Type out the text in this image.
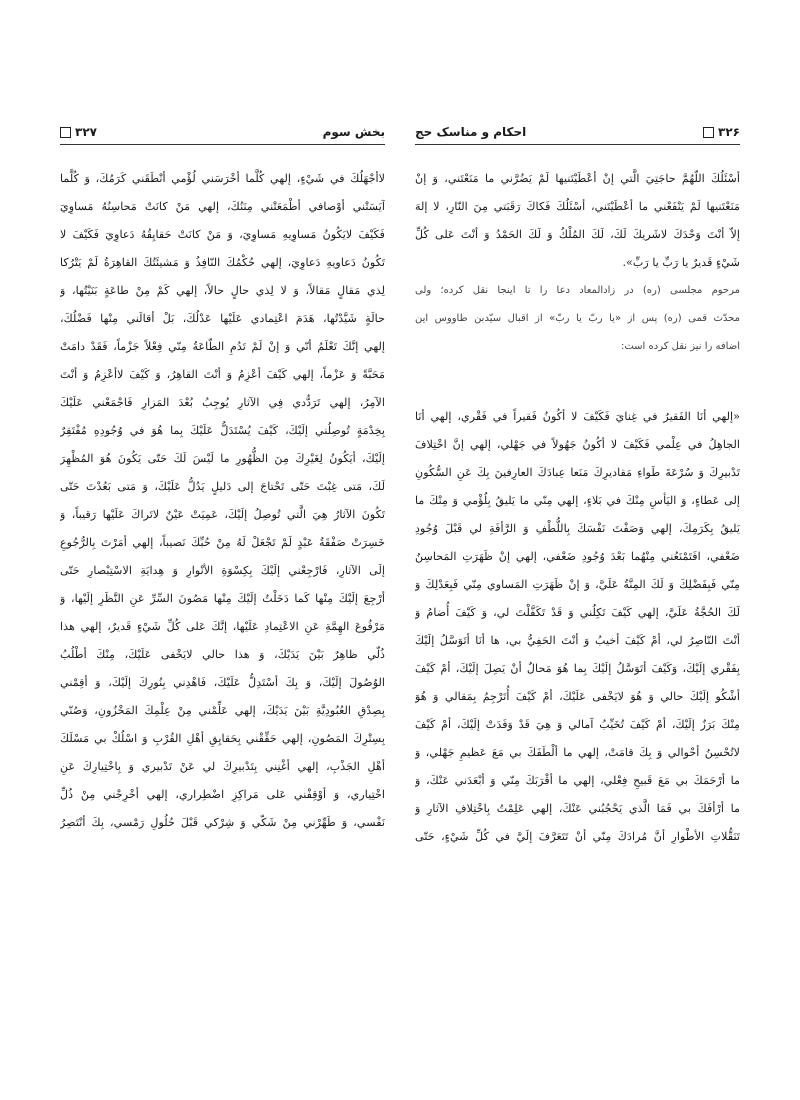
۳۲۷	بخش سوم
لاأجْهَلُكَ في شَيْءٍ، إلهي كُلَّما أخْرَسَني لُؤْمي أنْطَقَني كَرَمُكَ، وَ كُلَّما
آيَسَتْني أوْصافي أطْمَعَتْني مِنَنُكَ، إلهي مَنْ كانَتْ مَحاسِنُهُ مَساوِيَ
فَكَيْفَ لايَكُونُ مَساوِيهِ مَساوِيَ، وَ مَنْ كانَتْ حَقايِقُهُ دَعاوِيَ فَكَيْفَ لا
تَكُونُ دَعاويهِ دَعاوِيَ، إلهي حُكْمُكَ النّافِذُ وَ مَشيئَتُكَ القاهِرَةُ لَمْ يَتْرُكا
لِذي مَقالٍ مَقالاً، وَ لا لِذي حالٍ حالاً، إلهي كَمْ مِنْ طاعَةٍ بَنَيْتُها، وَ
حالَةٍ شَيَّدْتُها، هَدَمَ اعْتِمادي عَلَيْها عَدْلُكَ، بَلْ أقالَني مِنْها فَضْلُكَ،
إلهي إنَّكَ تَعْلَمُ أنّي وَ إنْ لَمْ تَدُمِ الطّاعَةُ مِنّي فِعْلاً جَزْماً، فَقَدْ دامَتْ
مَحَبَّةً وَ عَزْماً، إلهي كَيْفَ أعْزِمُ وَ أنْتَ القاهِرُ، وَ كَيْفَ لاأعْزِمُ وَ أنْتَ
الآمِرُ، إلهي تَرَدُّدي فِي الآثارِ يُوجِبُ بُعْدَ المَزارِ فَاجْمَعْني عَلَيْكَ
بِخِدْمَةٍ تُوصِلُني إلَيْكَ، كَيْفَ يُسْتَدَلُّ عَلَيْكَ بِما هُوَ في وُجُودِهِ مُفْتَقِرٌ
إلَيْكَ، أيَكُونُ لِغَيْرِكَ مِنَ الظُّهُورِ ما لَيْسَ لَكَ حَتّى يَكُونَ هُوَ المُظْهِرَ
لَكَ، مَتى غِبْتَ حَتّى تَحْتاجَ إلى دَليلٍ يَدُلُّ عَلَيْكَ، وَ مَتى بَعُدْتَ حَتّى
تَكُونَ الآثارُ هِيَ الَّتي تُوصِلُ إلَيْكَ، عَمِيَتْ عَيْنٌ لاتَراكَ عَلَيْها رَقيباً، وَ
خَسِرَتْ صَفْقَةُ عَبْدٍ لَمْ تَجْعَلْ لَهُ مِنْ حُبِّكَ نَصيباً، إلهي أمَرْتَ بِالرُّجُوعِ
إلَى الآثارِ، فَارْجِعْني إلَيْكَ بِكِسْوَةِ الأنْوارِ وَ هِدايَةِ الاسْتِبْصارِ حَتّى
أرْجِعَ إلَيْكَ مِنْها كَما دَخَلْتُ إلَيْكَ مِنْها مَصُونَ السِّرِّ عَنِ النَّظَرِ إلَيْها، وَ
مَرْفُوعَ الهِمَّةِ عَنِ الاعْتِمادِ عَلَيْها، إنَّكَ عَلى كُلِّ شَيْءٍ قَديرٌ، إلهي هذا
ذُلّي ظاهِرٌ بَيْنَ يَدَيْكَ، وَ هذا حالي لايَخْفى عَلَيْكَ، مِنْكَ أطْلُبُ
الوُصُولَ إلَيْكَ، وَ بِكَ أسْتَدِلُّ عَلَيْكَ، فَاهْدِني بِنُورِكَ إلَيْكَ، وَ أقِمْني
بِصِدْقِ العُبُودِيَّةِ بَيْنَ يَدَيْكَ، إلهي عَلِّمْني مِنْ عِلْمِكَ المَخْزُونِ، وَصُنّي
بِسِتْرِكَ المَصُونِ، إلهي حَقِّقْني بِحَقايِقِ أهْلِ القُرْبِ وَ اسْلُكْ بي مَسْلَكَ
أهْلِ الجَذْبِ، إلهي أغْنِني بِتَدْبيرِكَ لي عَنْ تَدْبيري وَ بِاخْتِيارِكَ عَنِ
اخْتِياري، وَ أوْقِفْني عَلى مَراكِزِ اضْطِراري، إلهي أخْرِجْني مِنْ ذُلِّ
نَفْسي، وَ طَهِّرْني مِنْ شَكّي وَ شِرْكي قَبْلَ حُلُولِ رَمْسي، بِكَ أنْتَصِرُ
احکام و مناسک حج	۳۲۶
أسْئَلُكَ اللّهُمَّ حاجَتِيَ الَّتي إنْ أعْطَيْتَنيها لَمْ يَضُرَّني ما مَنَعْتَني، وَ إنْ
مَنَعْتَنيها لَمْ يَنْفَعْني ما أعْطَيْتَني، أسْئَلُكَ فَكاكَ رَقَبَتي مِنَ النّارِ، لا إلهَ
إلاّ أنْتَ وَحْدَكَ لاشَريكَ لَكَ، لَكَ المُلْكُ وَ لَكَ الحَمْدُ وَ أنْتَ عَلى كُلِّ
شَيْءٍ قَديرٌ يا رَبِّ يا رَبِّ».
مرحوم مجلسی (ره) در زادالمعاد دعا را تا اینجا نقل کرده؛ ولی
محدّث قمی (ره) پس از «یا ربّ یا ربّ» از اقبال سیّدبن طاووس این
اضافه را نیز نقل کرده است:
«إلهي أنَا الفَقيرُ في غِنايَ فَكَيْفَ لا أكُونُ فَقيراً في فَقْري، إلهي أنَا
الجاهِلُ في عِلْمي فَكَيْفَ لا أكُونُ جَهُولاً في جَهْلي، إلهي إنَّ اخْتِلافَ
تَدْبيرِكَ وَ سُرْعَةَ طَواءِ مَقاديرِكَ مَنَعا عِبادَكَ العارِفينَ بِكَ عَنِ السُّكُونِ
إلى عَطاءٍ، وَ اليَأسِ مِنْكَ في بَلاءٍ، إلهي مِنّي ما يَليقُ بِلُؤْمي وَ مِنْكَ ما
يَليقُ بِكَرَمِكَ، إلهي وَصَفْتَ نَفْسَكَ بِاللُّطْفِ وَ الرَّأفَةِ لي قَبْلَ وُجُودِ
ضَعْفي، افَتَمْنَعُني مِنْهُما بَعْدَ وُجُودِ ضَعْفي، إلهي إنْ ظَهَرَتِ المَحاسِنُ
مِنّي فَبِفَضْلِكَ وَ لَكَ المِنَّةُ عَلَيَّ، وَ إنْ ظَهَرَتِ المَساوي مِنّي فَبِعَدْلِكَ وَ
لَكَ الحُجَّةُ عَلَيَّ، إلهي كَيْفَ تَكِلُني وَ قَدْ تَكَفَّلْتَ لي، وَ كَيْفَ أُضامُ وَ
أنْتَ النّاصِرُ لي، أمْ كَيْفَ أخيبُ وَ أنْتَ الحَفِيُّ بي، ها أنَا أتَوَسَّلُ إلَيْكَ
بِفَقْري إلَيْكَ، وَكَيْفَ أتَوَسَّلُ إلَيْكَ بِما هُوَ مَحالٌ أنْ يَصِلَ إلَيْكَ، أمْ كَيْفَ
أشْكُو إلَيْكَ حالي وَ هُوَ لايَخْفى عَلَيْكَ، أمْ كَيْفَ أُتَرْجِمُ بِمَقالي وَ هُوَ
مِنْكَ بَرَزٌ إلَيْكَ، أمْ كَيْفَ تُخَيِّبُ آمالي وَ هِيَ قَدْ وَفَدَتْ إلَيْكَ، أمْ كَيْفَ
لاتُحْسِنُ أحْوالي وَ بِكَ قامَتْ، إلهي ما ألْطَفَكَ بي مَعَ عَظيمِ جَهْلي، وَ
ما أرْحَمَكَ بي مَعَ قَبيحِ فِعْلي، إلهي ما أقْرَبَكَ مِنّي وَ أبْعَدَني عَنْكَ، وَ
ما أرْأفَكَ بي فَمَا الَّذي يَحْجُبُني عَنْكَ، إلهي عَلِمْتُ بِاخْتِلافِ الآثارِ وَ
تَنَقُّلاتِ الأطْوارِ أنَّ مُرادَكَ مِنّي أنْ تَتَعَرَّفَ إلَيَّ في كُلِّ شَيْءٍ، حَتّى
